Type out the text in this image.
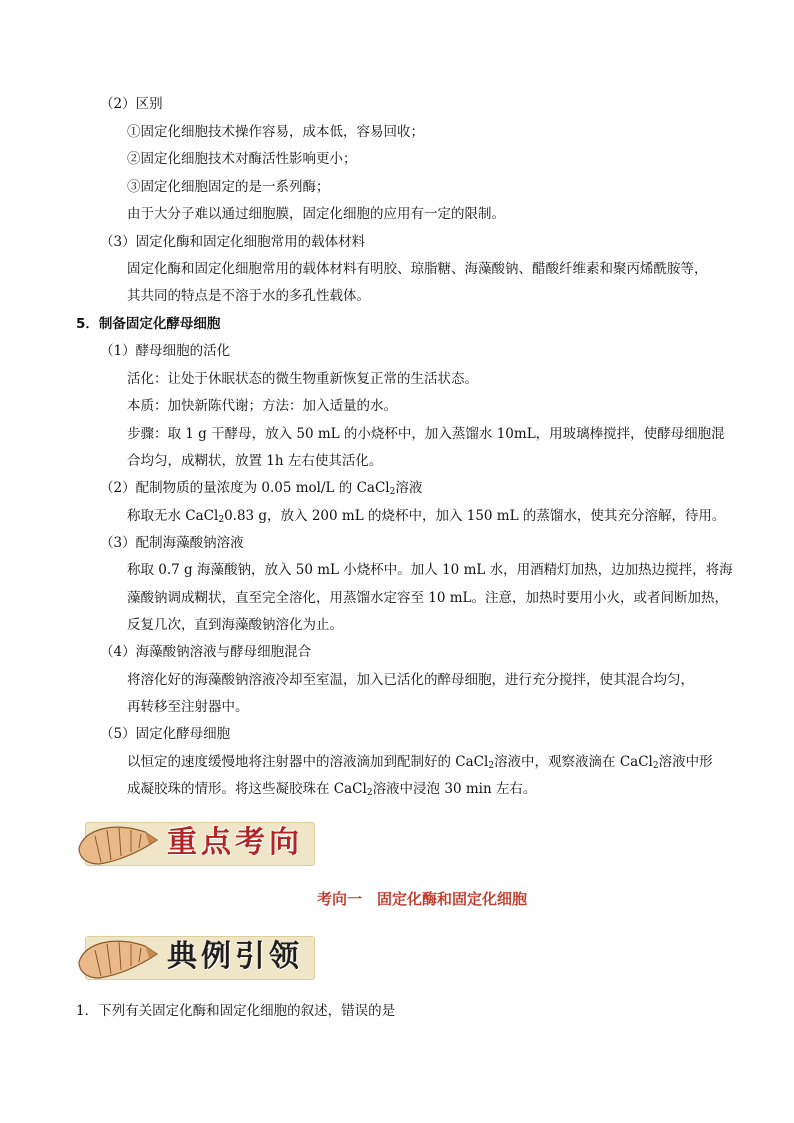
（2）区别
①固定化细胞技术操作容易，成本低，容易回收；
②固定化细胞技术对酶活性影响更小；
③固定化细胞固定的是一系列酶；
由于大分子难以通过细胞膜，固定化细胞的应用有一定的限制。
（3）固定化酶和固定化细胞常用的载体材料
固定化酶和固定化细胞常用的载体材料有明胶、琼脂糖、海藻酸钠、醋酸纤维素和聚丙烯酰胺等，
其共同的特点是不溶于水的多孔性载体。
5．制备固定化酵母细胞
（1）酵母细胞的活化
活化：让处于休眠状态的微生物重新恢复正常的生活状态。
本质：加快新陈代谢；方法：加入适量的水。
步骤：取 1 g 干酵母，放入 50 mL 的小烧杯中，加入蒸馏水 10mL，用玻璃棒搅拌，使酵母细胞混
合均匀，成糊状，放置 1h 左右使其活化。
（2）配制物质的量浓度为 0.05 mol/L 的 CaCl$_2$溶液
称取无水 CaCl$_2$0.83 g，放入 200 mL 的烧杯中，加入 150 mL 的蒸馏水，使其充分溶解，待用。
（3）配制海藻酸钠溶液
称取 0.7 g 海藻酸钠，放入 50 mL 小烧杯中。加人 10 mL 水，用酒精灯加热，边加热边搅拌，将海
藻酸钠调成糊状，直至完全溶化，用蒸馏水定容至 10 mL。注意，加热时要用小火，或者间断加热，
反复几次，直到海藻酸钠溶化为止。
（4）海藻酸钠溶液与酵母细胞混合
将溶化好的海藻酸钠溶液冷却至室温，加入已活化的醉母细胞，进行充分搅拌，使其混合均匀，
再转移至注射器中。
（5）固定化酵母细胞
以恒定的速度缓慢地将注射器中的溶液滴加到配制好的 CaCl$_2$溶液中，观察液滴在 CaCl$_2$溶液中形
成凝胶珠的情形。将这些凝胶珠在 CaCl$_2$溶液中浸泡 30 min 左右。
重点考向
考向一　固定化酶和固定化细胞
典例引领
1．下列有关固定化酶和固定化细胞的叙述，错误的是
